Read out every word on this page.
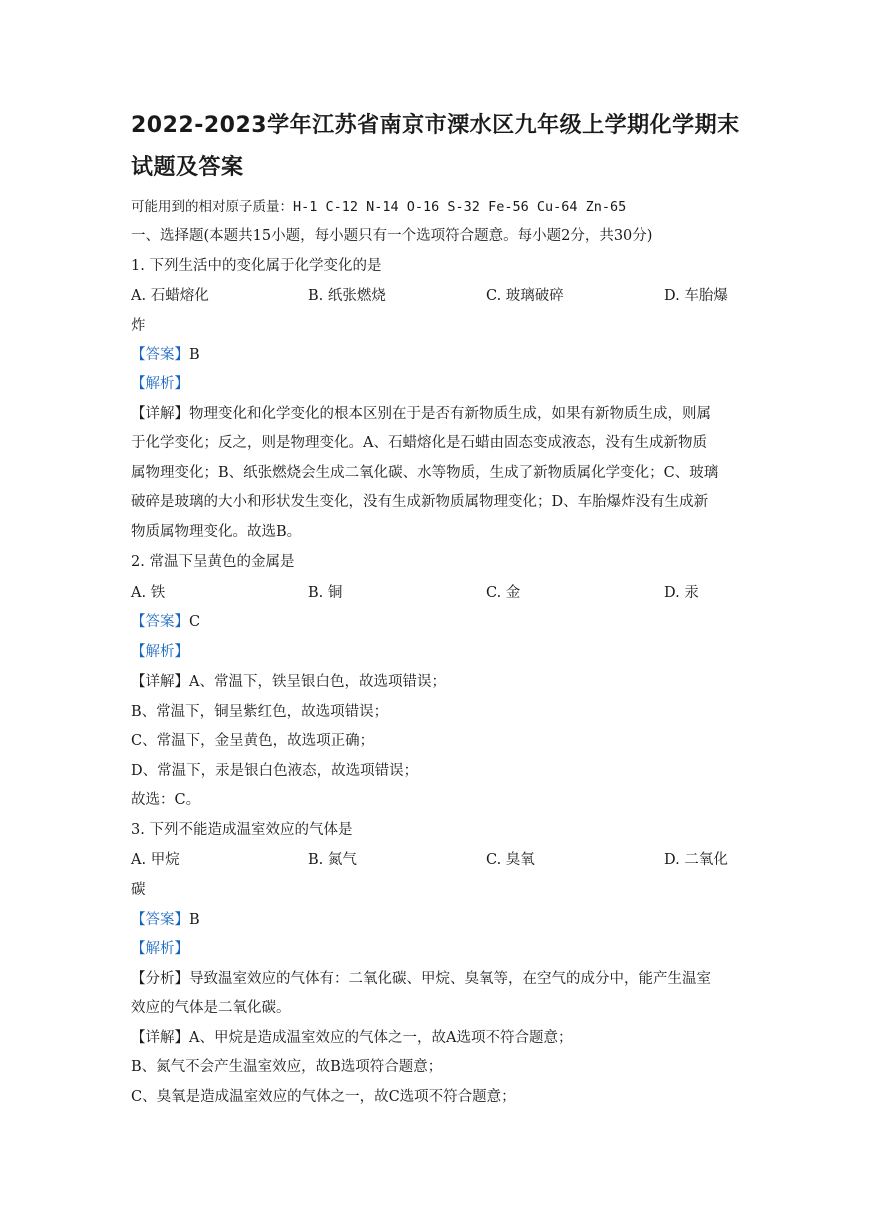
2022-2023学年江苏省南京市溧水区九年级上学期化学期末
试题及答案
可能用到的相对原子质量：H-1 C-12 N-14 O-16 S-32 Fe-56 Cu-64 Zn-65
一、选择题(本题共15小题，每小题只有一个选项符合题意。每小题2分，共30分)
1. 下列生活中的变化属于化学变化的是
A. 石蜡熔化	B. 纸张燃烧	C. 玻璃破碎	D. 车胎爆
炸
【答案】B
【解析】
【详解】物理变化和化学变化的根本区别在于是否有新物质生成，如果有新物质生成，则属
于化学变化；反之，则是物理变化。A、石蜡熔化是石蜡由固态变成液态，没有生成新物质
属物理变化；B、纸张燃烧会生成二氧化碳、水等物质，生成了新物质属化学变化；C、玻璃
破碎是玻璃的大小和形状发生变化，没有生成新物质属物理变化；D、车胎爆炸没有生成新
物质属物理变化。故选B。
2. 常温下呈黄色的金属是
A. 铁	B. 铜	C. 金	D. 汞
【答案】C
【解析】
【详解】A、常温下，铁呈银白色，故选项错误；
B、常温下，铜呈紫红色，故选项错误；
C、常温下，金呈黄色，故选项正确；
D、常温下，汞是银白色液态，故选项错误；
故选：C。
3. 下列不能造成温室效应的气体是
A. 甲烷	B. 氮气	C. 臭氧	D. 二氧化
碳
【答案】B
【解析】
【分析】导致温室效应的气体有：二氧化碳、甲烷、臭氧等，在空气的成分中，能产生温室
效应的气体是二氧化碳。
【详解】A、甲烷是造成温室效应的气体之一，故A选项不符合题意；
B、氮气不会产生温室效应，故B选项符合题意；
C、臭氧是造成温室效应的气体之一，故C选项不符合题意；
